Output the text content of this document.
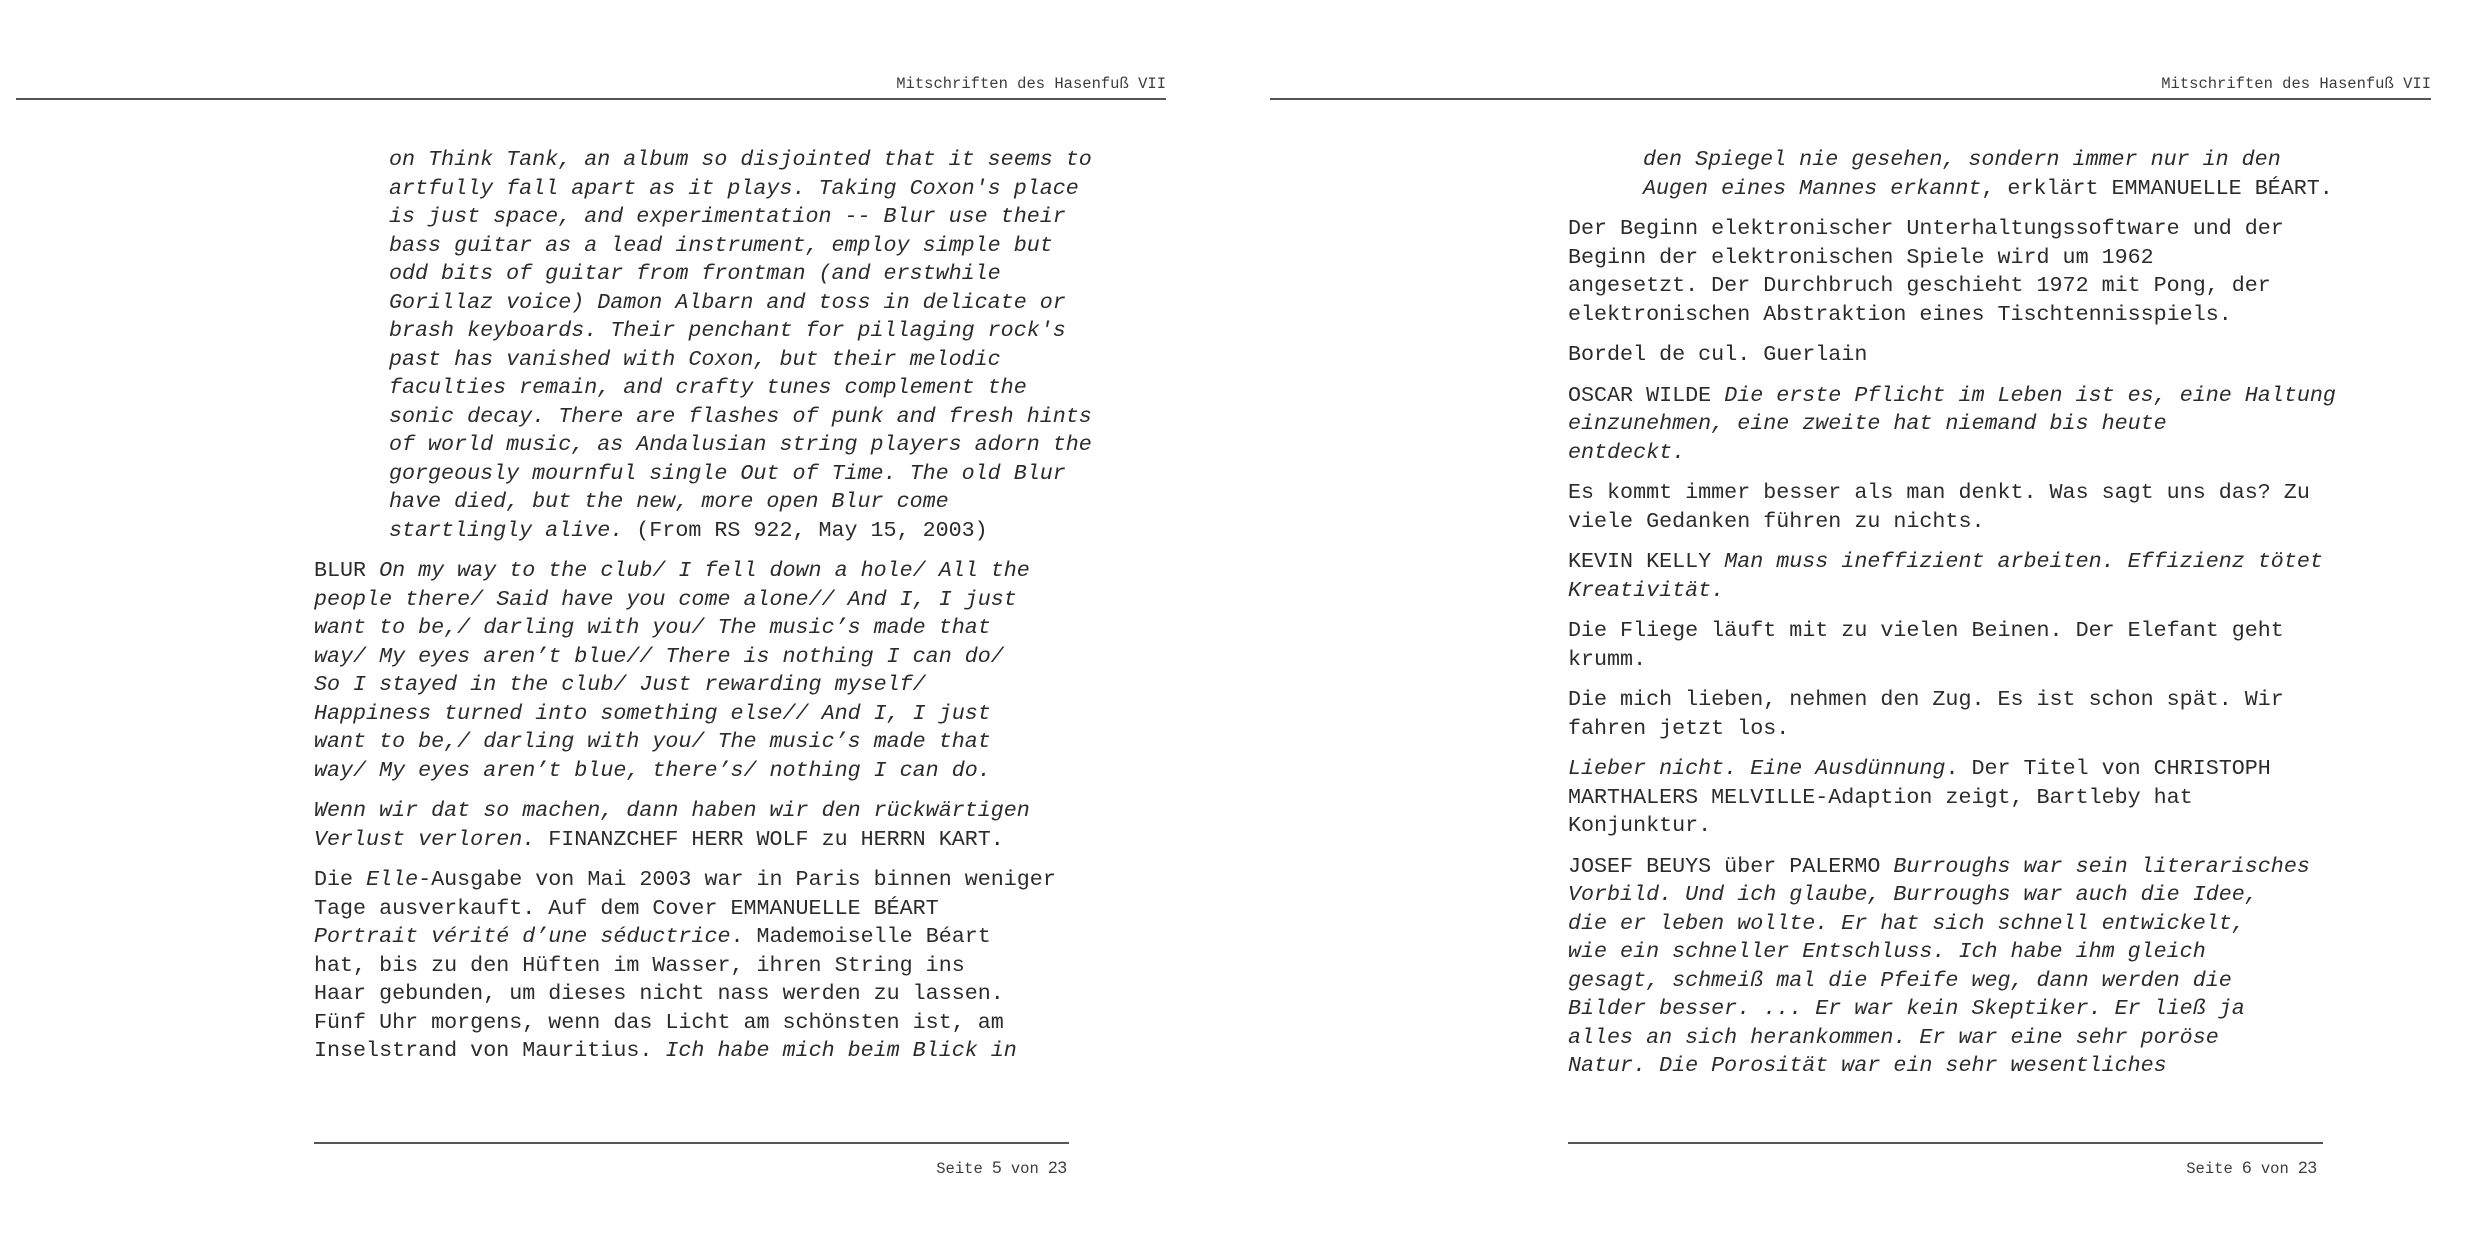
Mitschriften des Hasenfuß VII

on Think Tank, an album so disjointed that it seems to
artfully fall apart as it plays. Taking Coxon's place
is just space, and experimentation -- Blur use their
bass guitar as a lead instrument, employ simple but
odd bits of guitar from frontman (and erstwhile
Gorillaz voice) Damon Albarn and toss in delicate or
brash keyboards. Their penchant for pillaging rock's
past has vanished with Coxon, but their melodic
faculties remain, and crafty tunes complement the
sonic decay. There are flashes of punk and fresh hints
of world music, as Andalusian string players adorn the
gorgeously mournful single Out of Time. The old Blur
have died, but the new, more open Blur come
startlingly alive. (From RS 922, May 15, 2003)

BLUR On my way to the club/ I fell down a hole/ All the
people there/ Said have you come alone// And I, I just
want to be,/ darling with you/ The music’s made that
way/ My eyes aren’t blue// There is nothing I can do/
So I stayed in the club/ Just rewarding myself/
Happiness turned into something else// And I, I just
want to be,/ darling with you/ The music’s made that
way/ My eyes aren’t blue, there’s/ nothing I can do.

Wenn wir dat so machen, dann haben wir den rückwärtigen
Verlust verloren. FINANZCHEF HERR WOLF zu HERRN KART.

Die Elle-Ausgabe von Mai 2003 war in Paris binnen weniger
Tage ausverkauft. Auf dem Cover EMMANUELLE BÉART
Portrait vérité d’une séductrice. Mademoiselle Béart
hat, bis zu den Hüften im Wasser, ihren String ins
Haar gebunden, um dieses nicht nass werden zu lassen.
Fünf Uhr morgens, wenn das Licht am schönsten ist, am
Inselstrand von Mauritius. Ich habe mich beim Blick in

Seite 5 von 23
Mitschriften des Hasenfuß VII

den Spiegel nie gesehen, sondern immer nur in den
Augen eines Mannes erkannt, erklärt EMMANUELLE BÉART.

Der Beginn elektronischer Unterhaltungssoftware und der
Beginn der elektronischen Spiele wird um 1962
angesetzt. Der Durchbruch geschieht 1972 mit Pong, der
elektronischen Abstraktion eines Tischtennisspiels.

Bordel de cul. Guerlain

OSCAR WILDE Die erste Pflicht im Leben ist es, eine Haltung
einzunehmen, eine zweite hat niemand bis heute
entdeckt.

Es kommt immer besser als man denkt. Was sagt uns das? Zu
viele Gedanken führen zu nichts.

KEVIN KELLY Man muss ineffizient arbeiten. Effizienz tötet
Kreativität.

Die Fliege läuft mit zu vielen Beinen. Der Elefant geht
krumm.

Die mich lieben, nehmen den Zug. Es ist schon spät. Wir
fahren jetzt los.

Lieber nicht. Eine Ausdünnung. Der Titel von CHRISTOPH
MARTHALERS MELVILLE-Adaption zeigt, Bartleby hat
Konjunktur.

JOSEF BEUYS über PALERMO Burroughs war sein literarisches
Vorbild. Und ich glaube, Burroughs war auch die Idee,
die er leben wollte. Er hat sich schnell entwickelt,
wie ein schneller Entschluss. Ich habe ihm gleich
gesagt, schmeiß mal die Pfeife weg, dann werden die
Bilder besser. ... Er war kein Skeptiker. Er ließ ja
alles an sich herankommen. Er war eine sehr poröse
Natur. Die Porosität war ein sehr wesentliches

Seite 6 von 23
